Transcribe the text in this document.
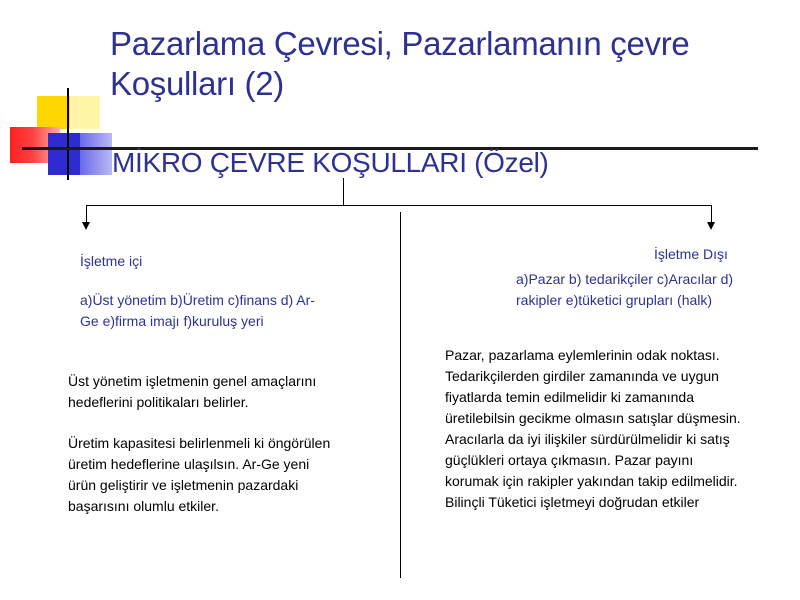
Pazarlama Çevresi, Pazarlamanın çevre
Koşulları (2)
MİKRO ÇEVRE KOŞULLARI (Özel)
İşletme içi
a)Üst yönetim b)Üretim c)finans d) Ar-
Ge e)firma imajı f)kuruluş yeri

Üst yönetim işletmenin genel amaçlarını

hedeflerini politikaları belirler.

Üretim kapasitesi belirlenmeli ki öngörülen

üretim hedeflerine ulaşılsın. Ar-Ge yeni

ürün geliştirir ve işletmenin pazardaki

başarısını olumlu etkiler.

İşletme Dışı
a)Pazar b) tedarikçiler c)Aracılar d)
rakipler e)tüketici grupları (halk)

Pazar, pazarlama eylemlerinin odak noktası.

Tedarikçilerden girdiler zamanında ve uygun

fiyatlarda temin edilmelidir ki zamanında

üretilebilsin gecikme olmasın satışlar düşmesin.

Aracılarla da iyi ilişkiler sürdürülmelidir ki satış

güçlükleri ortaya çıkmasın. Pazar payını

korumak için rakipler yakından takip edilmelidir.

Bilinçli Tüketici işletmeyi doğrudan etkiler
